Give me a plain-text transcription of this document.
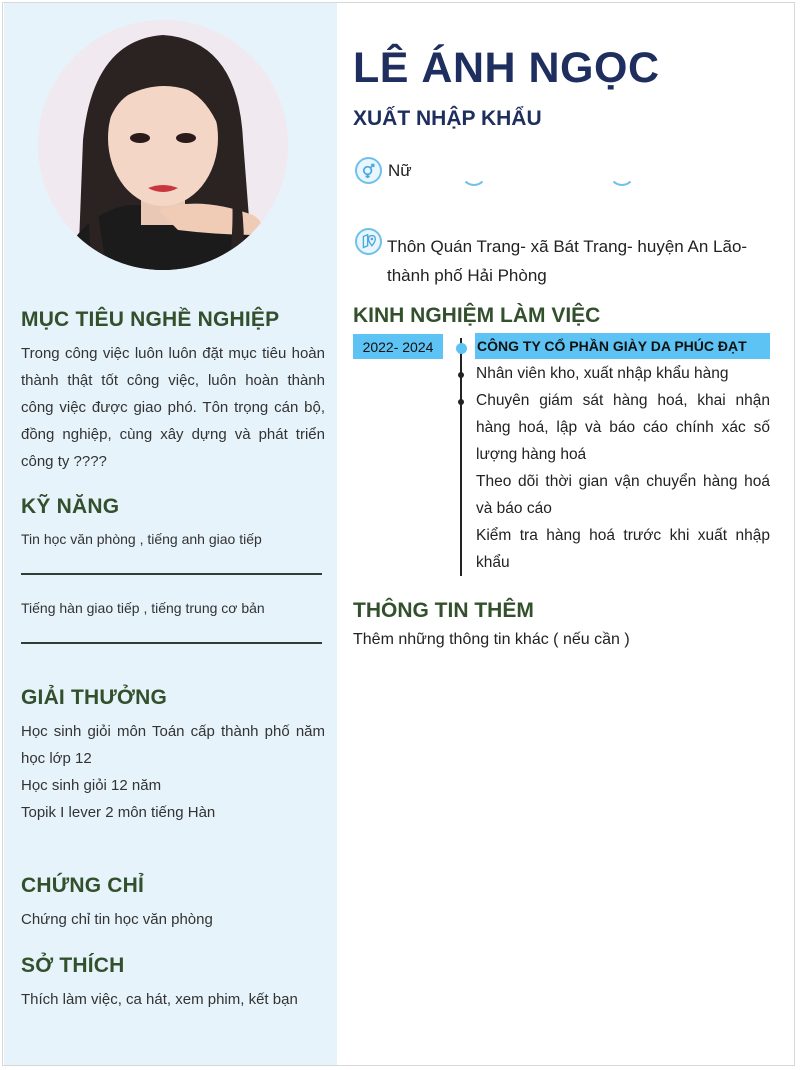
MỤC TIÊU NGHỀ NGHIỆP
Trong công việc luôn luôn đặt mục tiêu hoàn thành thật tốt công việc, luôn hoàn thành công việc được giao phó. Tôn trọng cán bộ, đồng nghiệp, cùng xây dựng và phát triển công ty ????
KỸ NĂNG
Tin học văn phòng , tiếng anh giao tiếp
Tiếng hàn giao tiếp , tiếng trung cơ bản
GIẢI THƯỞNG
Học sinh giỏi môn Toán cấp thành phố năm học lớp 12
Học sinh giỏi 12 năm
Topik I lever 2 môn tiếng Hàn
CHỨNG CHỈ
Chứng chỉ tin học văn phòng
SỞ THÍCH
Thích làm việc, ca hát, xem phim, kết bạn
LÊ ÁNH NGỌC
XUẤT NHẬP KHẨU
Nữ
Thôn Quán Trang- xã Bát Trang- huyện An Lão-
thành phố Hải Phòng
KINH NGHIỆM LÀM VIỆC
2022- 2024	CÔNG TY CỔ PHẦN GIÀY DA PHÚC ĐẠT
Nhân viên kho, xuất nhập khẩu hàng
Chuyên giám sát hàng hoá, khai nhận hàng hoá, lập và báo cáo chính xác số lượng hàng hoá
Theo dõi thời gian vận chuyển hàng hoá và báo cáo
Kiểm tra hàng hoá trước khi xuất nhập khẩu
THÔNG TIN THÊM
Thêm những thông tin khác ( nếu cần )
